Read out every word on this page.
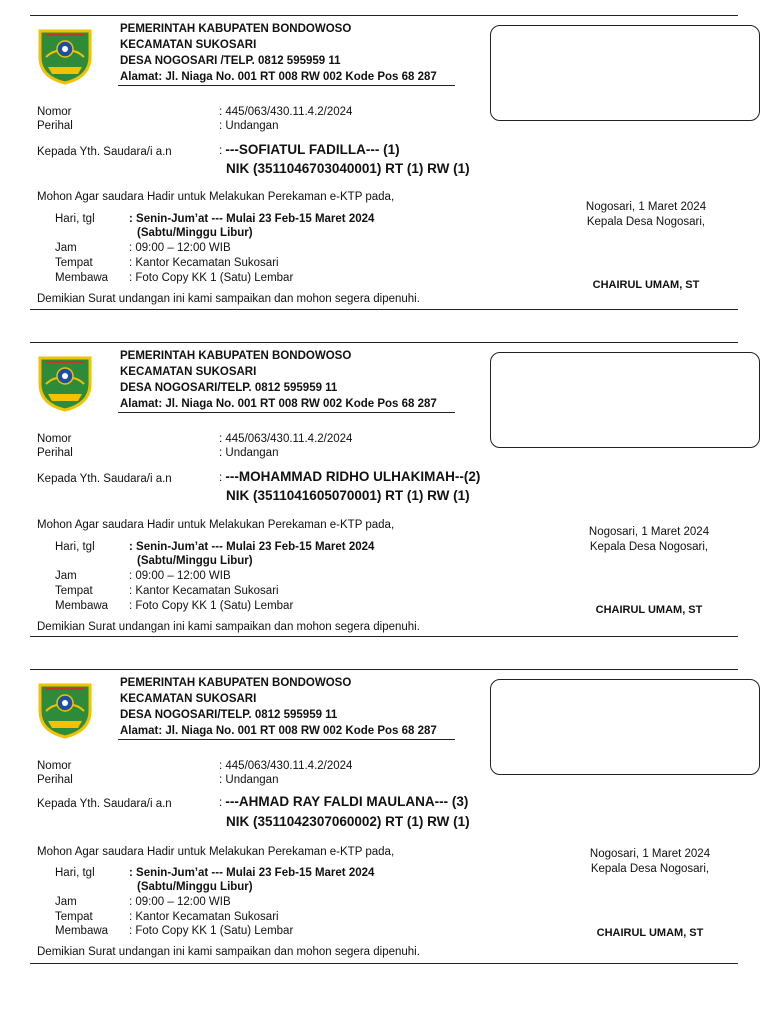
PEMERINTAH KABUPATEN BONDOWOSO
KECAMATAN SUKOSARI
DESA NOGOSARI /TELP. 0812 595959 11
Alamat: Jl. Niaga No. 001 RT 008 RW 002 Kode Pos 68 287
Nomor	: 445/063/430.11.4.2/2024
Perihal	: Undangan
Kepada Yth. Saudara/i a.n	: ---SOFIATUL FADILLA--- (1)
NIK (3511046703040001) RT (1) RW (1)
Mohon Agar saudara Hadir untuk Melakukan Perekaman e-KTP pada,
Hari, tgl	: Senin-Jum’at --- Mulai 23 Feb-15 Maret 2024
(Sabtu/Minggu Libur)
Jam	: 09:00 – 12:00 WIB
Tempat	: Kantor Kecamatan Sukosari
Membawa : Foto Copy KK 1 (Satu) Lembar
Demikian Surat undangan ini kami sampaikan dan mohon segera dipenuhi.
Nogosari, 1 Maret 2024
Kepala Desa Nogosari,
CHAIRUL UMAM, ST
PEMERINTAH KABUPATEN BONDOWOSO
KECAMATAN SUKOSARI
DESA NOGOSARI/TELP. 0812 595959 11
Alamat: Jl. Niaga No. 001 RT 008 RW 002 Kode Pos 68 287
Nomor	: 445/063/430.11.4.2/2024
Perihal	: Undangan
Kepada Yth. Saudara/i a.n	: ---MOHAMMAD RIDHO ULHAKIMAH--(2)
NIK (3511041605070001) RT (1) RW (1)
Mohon Agar saudara Hadir untuk Melakukan Perekaman e-KTP pada,
Hari, tgl	: Senin-Jum’at --- Mulai 23 Feb-15 Maret 2024
(Sabtu/Minggu Libur)
Jam	: 09:00 – 12:00 WIB
Tempat	: Kantor Kecamatan Sukosari
Membawa : Foto Copy KK 1 (Satu) Lembar
Demikian Surat undangan ini kami sampaikan dan mohon segera dipenuhi.
Nogosari, 1 Maret 2024
Kepala Desa Nogosari,
CHAIRUL UMAM, ST
PEMERINTAH KABUPATEN BONDOWOSO
KECAMATAN SUKOSARI
DESA NOGOSARI/TELP. 0812 595959 11
Alamat: Jl. Niaga No. 001 RT 008 RW 002 Kode Pos 68 287
Nomor	: 445/063/430.11.4.2/2024
Perihal	: Undangan
Kepada Yth. Saudara/i a.n	: ---AHMAD RAY FALDI MAULANA--- (3)
NIK (3511042307060002) RT (1) RW (1)
Mohon Agar saudara Hadir untuk Melakukan Perekaman e-KTP pada,
Hari, tgl	: Senin-Jum’at --- Mulai 23 Feb-15 Maret 2024
(Sabtu/Minggu Libur)
Jam	: 09:00 – 12:00 WIB
Tempat	: Kantor Kecamatan Sukosari
Membawa : Foto Copy KK 1 (Satu) Lembar
Demikian Surat undangan ini kami sampaikan dan mohon segera dipenuhi.
Nogosari, 1 Maret 2024
Kepala Desa Nogosari,
CHAIRUL UMAM, ST
